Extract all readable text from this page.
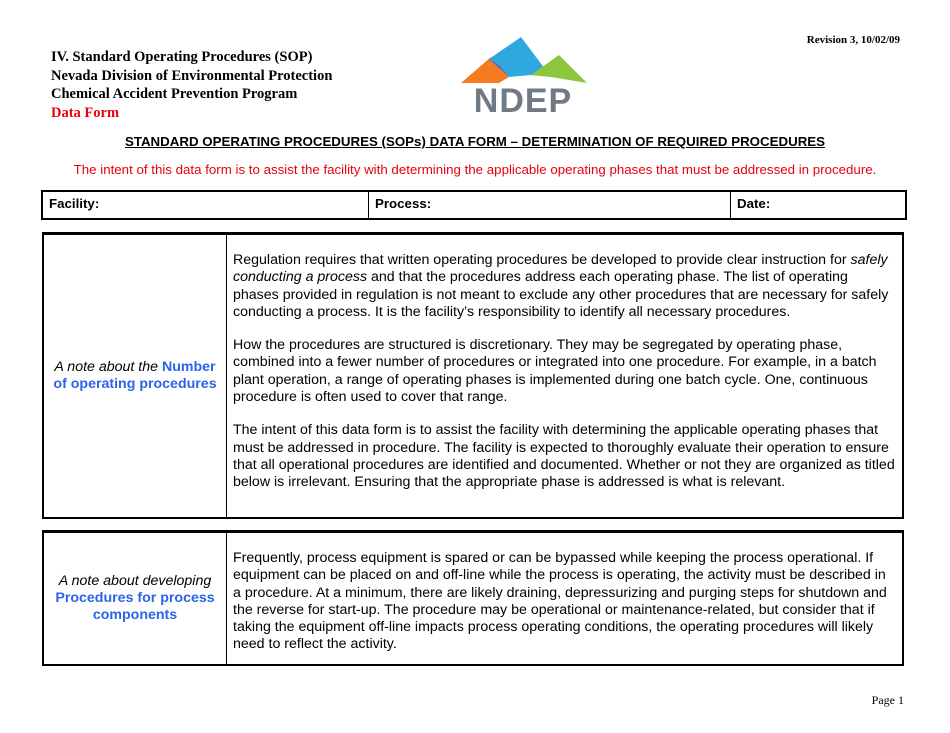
Revision 3, 10/02/09
IV. Standard Operating Procedures (SOP)
Nevada Division of Environmental Protection
Chemical Accident Prevention Program
Data Form	NDEP
STANDARD OPERATING PROCEDURES (SOPs) DATA FORM – DETERMINATION OF REQUIRED PROCEDURES
The intent of this data form is to assist the facility with determining the applicable operating phases that must be addressed in procedure.
Facility:	Process:	Date:
A note about the Number
of operating procedures

Regulation requires that written operating procedures be developed to provide clear instruction for safely conducting a process and that the procedures address each operating phase. The list of operating phases provided in regulation is not meant to exclude any other procedures that are necessary for safely conducting a process. It is the facility’s responsibility to identify all necessary procedures.

How the procedures are structured is discretionary. They may be segregated by operating phase, combined into a fewer number of procedures or integrated into one procedure. For example, in a batch plant operation, a range of operating phases is implemented during one batch cycle. One, continuous procedure is often used to cover that range.

The intent of this data form is to assist the facility with determining the applicable operating phases that must be addressed in procedure. The facility is expected to thoroughly evaluate their operation to ensure that all operational procedures are identified and documented. Whether or not they are organized as titled below is irrelevant. Ensuring that the appropriate phase is addressed is what is relevant.

A note about developing
Procedures for process
components

Frequently, process equipment is spared or can be bypassed while keeping the process operational. If equipment can be placed on and off-line while the process is operating, the activity must be described in a procedure. At a minimum, there are likely draining, depressurizing and purging steps for shutdown and the reverse for start-up. The procedure may be operational or maintenance-related, but consider that if taking the equipment off-line impacts process operating conditions, the operating procedures will likely need to reflect the activity.

Page 1
